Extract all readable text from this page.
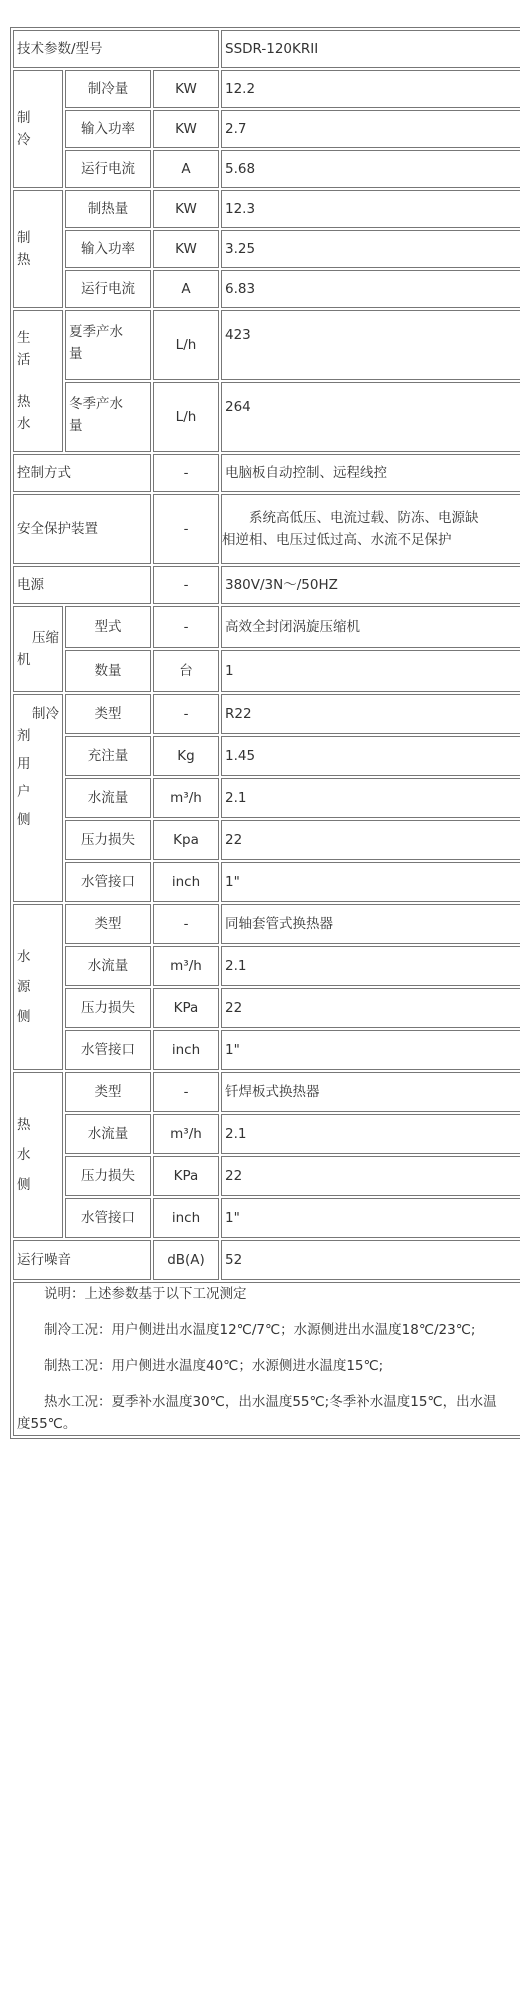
技术参数/型号			SSDR-120KRII

制
冷	制冷量	KW	12.2
	输入功率	KW	2.7
	运行电流	A	5.68

制
热	制热量	KW	12.3
	输入功率	KW	3.25
	运行电流	A	6.83

生
活
热
水	夏季产水
量	L/h	423

	冬季产水
量	L/h	264
控制方式		-	电脑板自动控制、远程线控
安全保护装置		-	系统高低压、电流过载、防冻、电源缺
相逆相、电压过低过高、水流不足保护

电源		-	380V/3N～/50HZ

压缩
机	型式	-	高效全封闭涡旋压缩机
	数量	台	1

制冷
剂
用
户
侧	类型	-	R22
	充注量	Kg	1.45
	水流量	m³/h	2.1
	压力损失	Kpa	22
	水管接口	inch	1"

水
源
侧	类型	-	同轴套管式换热器
	水流量	m³/h	2.1
	压力损失	KPa	22
	水管接口	inch	1"

热
水
侧	类型	-	钎焊板式换热器
	水流量	m³/h	2.1
	压力损失	KPa	22
	水管接口	inch	1"
运行噪音		dB(A)	52

说明：上述参数基于以下工况测定

制冷工况：用户侧进出水温度12℃/7℃；水源侧进出水温度18℃/23℃;

制热工况：用户侧进水温度40℃；水源侧进水温度15℃;

热水工况：夏季补水温度30℃，出水温度55℃;冬季补水温度15℃，出水温

度55℃。			
